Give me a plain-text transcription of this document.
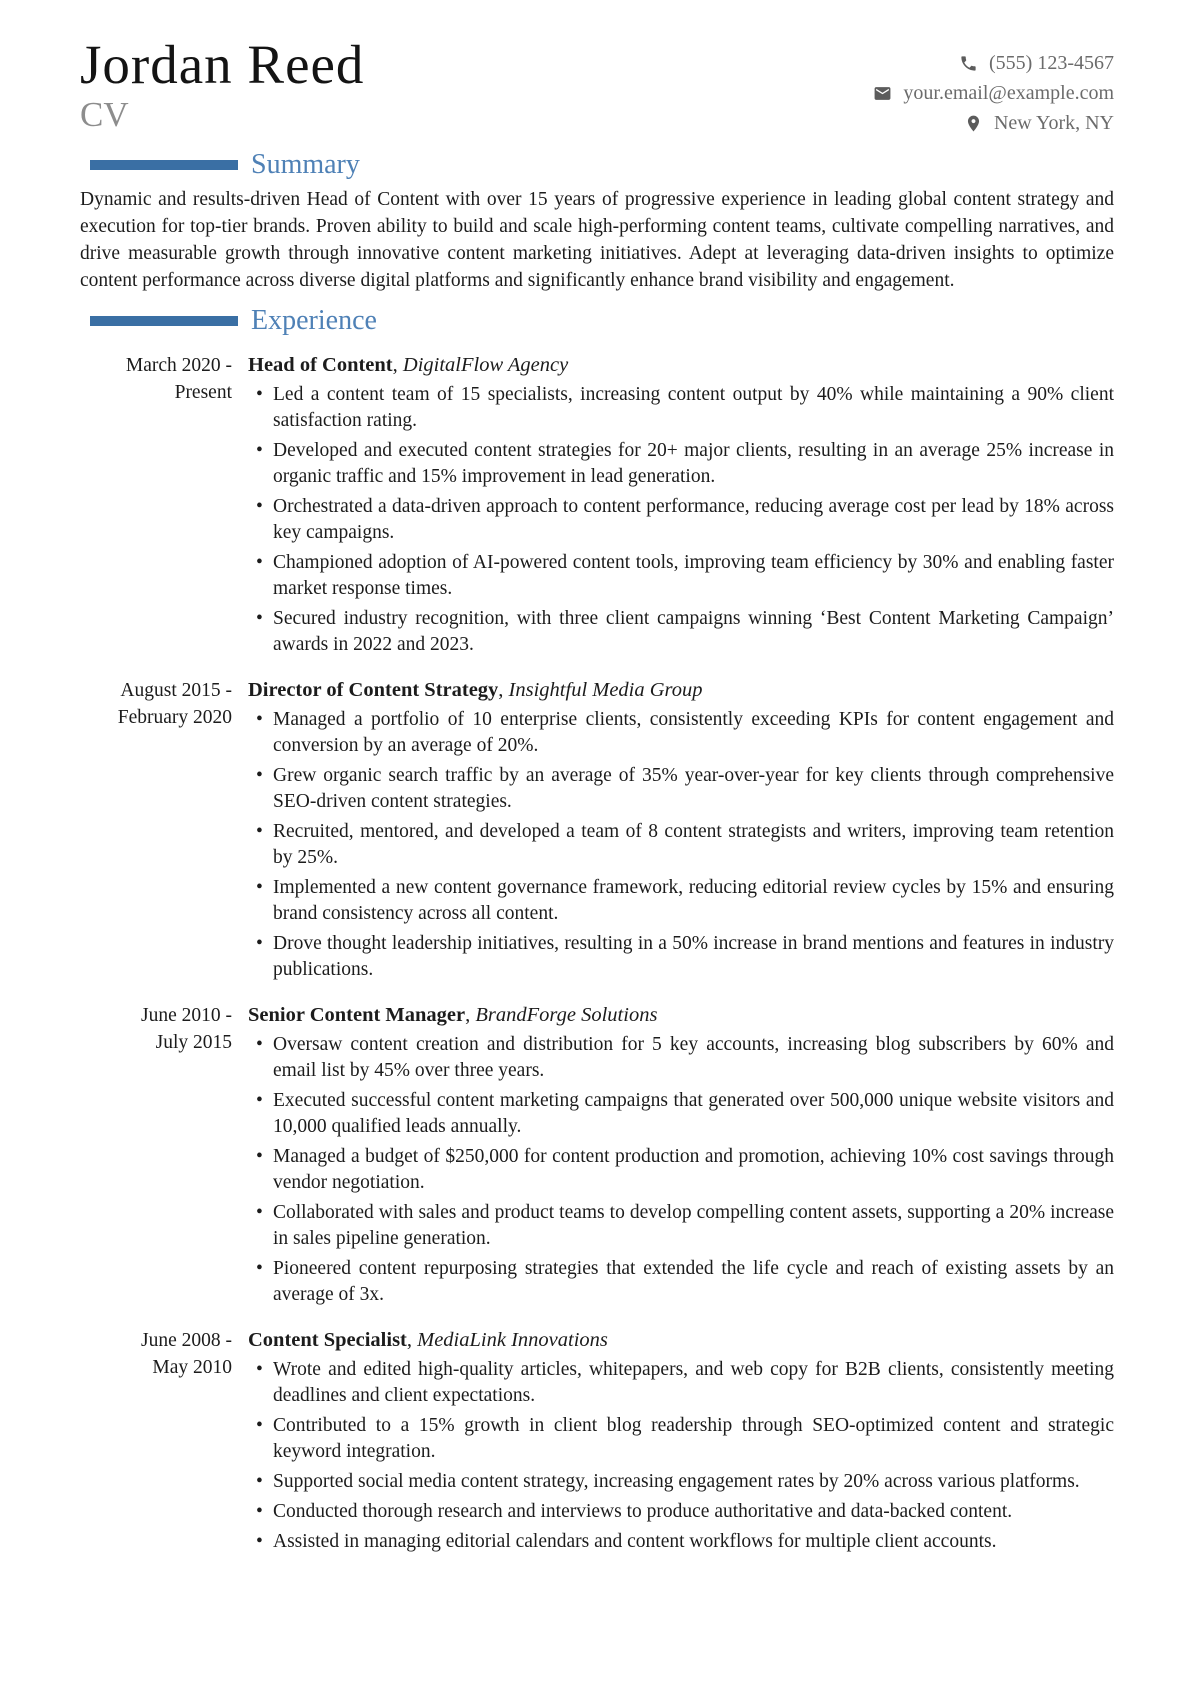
Jordan Reed
CV
(555) 123-4567
your.email@example.com
New York, NY
Summary

Dynamic and results-driven Head of Content with over 15 years of progressive experience in leading global content strategy and execution for top-tier brands. Proven ability to build and scale high-performing content teams, cultivate compelling narratives, and drive measurable growth through innovative content marketing initiatives. Adept at leveraging data-driven insights to optimize content performance across diverse digital platforms and significantly enhance brand visibility and engagement.

Experience
March 2020 -
Present
Head of Content, DigitalFlow Agency
• Led a content team of 15 specialists, increasing content output by 40% while maintaining a 90% client satisfaction rating.
• Developed and executed content strategies for 20+ major clients, resulting in an average 25% increase in organic traffic and 15% improvement in lead generation.
• Orchestrated a data-driven approach to content performance, reducing average cost per lead by 18% across key campaigns.
• Championed adoption of AI-powered content tools, improving team efficiency by 30% and enabling faster market response times.
• Secured industry recognition, with three client campaigns winning ‘Best Content Marketing Campaign’ awards in 2022 and 2023.
August 2015 -
February 2020
Director of Content Strategy, Insightful Media Group
• Managed a portfolio of 10 enterprise clients, consistently exceeding KPIs for content engagement and conversion by an average of 20%.
• Grew organic search traffic by an average of 35% year-over-year for key clients through comprehensive SEO-driven content strategies.
• Recruited, mentored, and developed a team of 8 content strategists and writers, improving team retention by 25%.
• Implemented a new content governance framework, reducing editorial review cycles by 15% and ensuring brand consistency across all content.
• Drove thought leadership initiatives, resulting in a 50% increase in brand mentions and features in industry publications.
June 2010 -
July 2015
Senior Content Manager, BrandForge Solutions
• Oversaw content creation and distribution for 5 key accounts, increasing blog subscribers by 60% and email list by 45% over three years.
• Executed successful content marketing campaigns that generated over 500,000 unique website visitors and 10,000 qualified leads annually.
• Managed a budget of $250,000 for content production and promotion, achieving 10% cost savings through vendor negotiation.
• Collaborated with sales and product teams to develop compelling content assets, supporting a 20% increase in sales pipeline generation.
• Pioneered content repurposing strategies that extended the life cycle and reach of existing assets by an average of 3x.
June 2008 -
May 2010
Content Specialist, MediaLink Innovations
• Wrote and edited high-quality articles, whitepapers, and web copy for B2B clients, consistently meeting deadlines and client expectations.
• Contributed to a 15% growth in client blog readership through SEO-optimized content and strategic keyword integration.
• Supported social media content strategy, increasing engagement rates by 20% across various platforms.
• Conducted thorough research and interviews to produce authoritative and data-backed content.
• Assisted in managing editorial calendars and content workflows for multiple client accounts.
